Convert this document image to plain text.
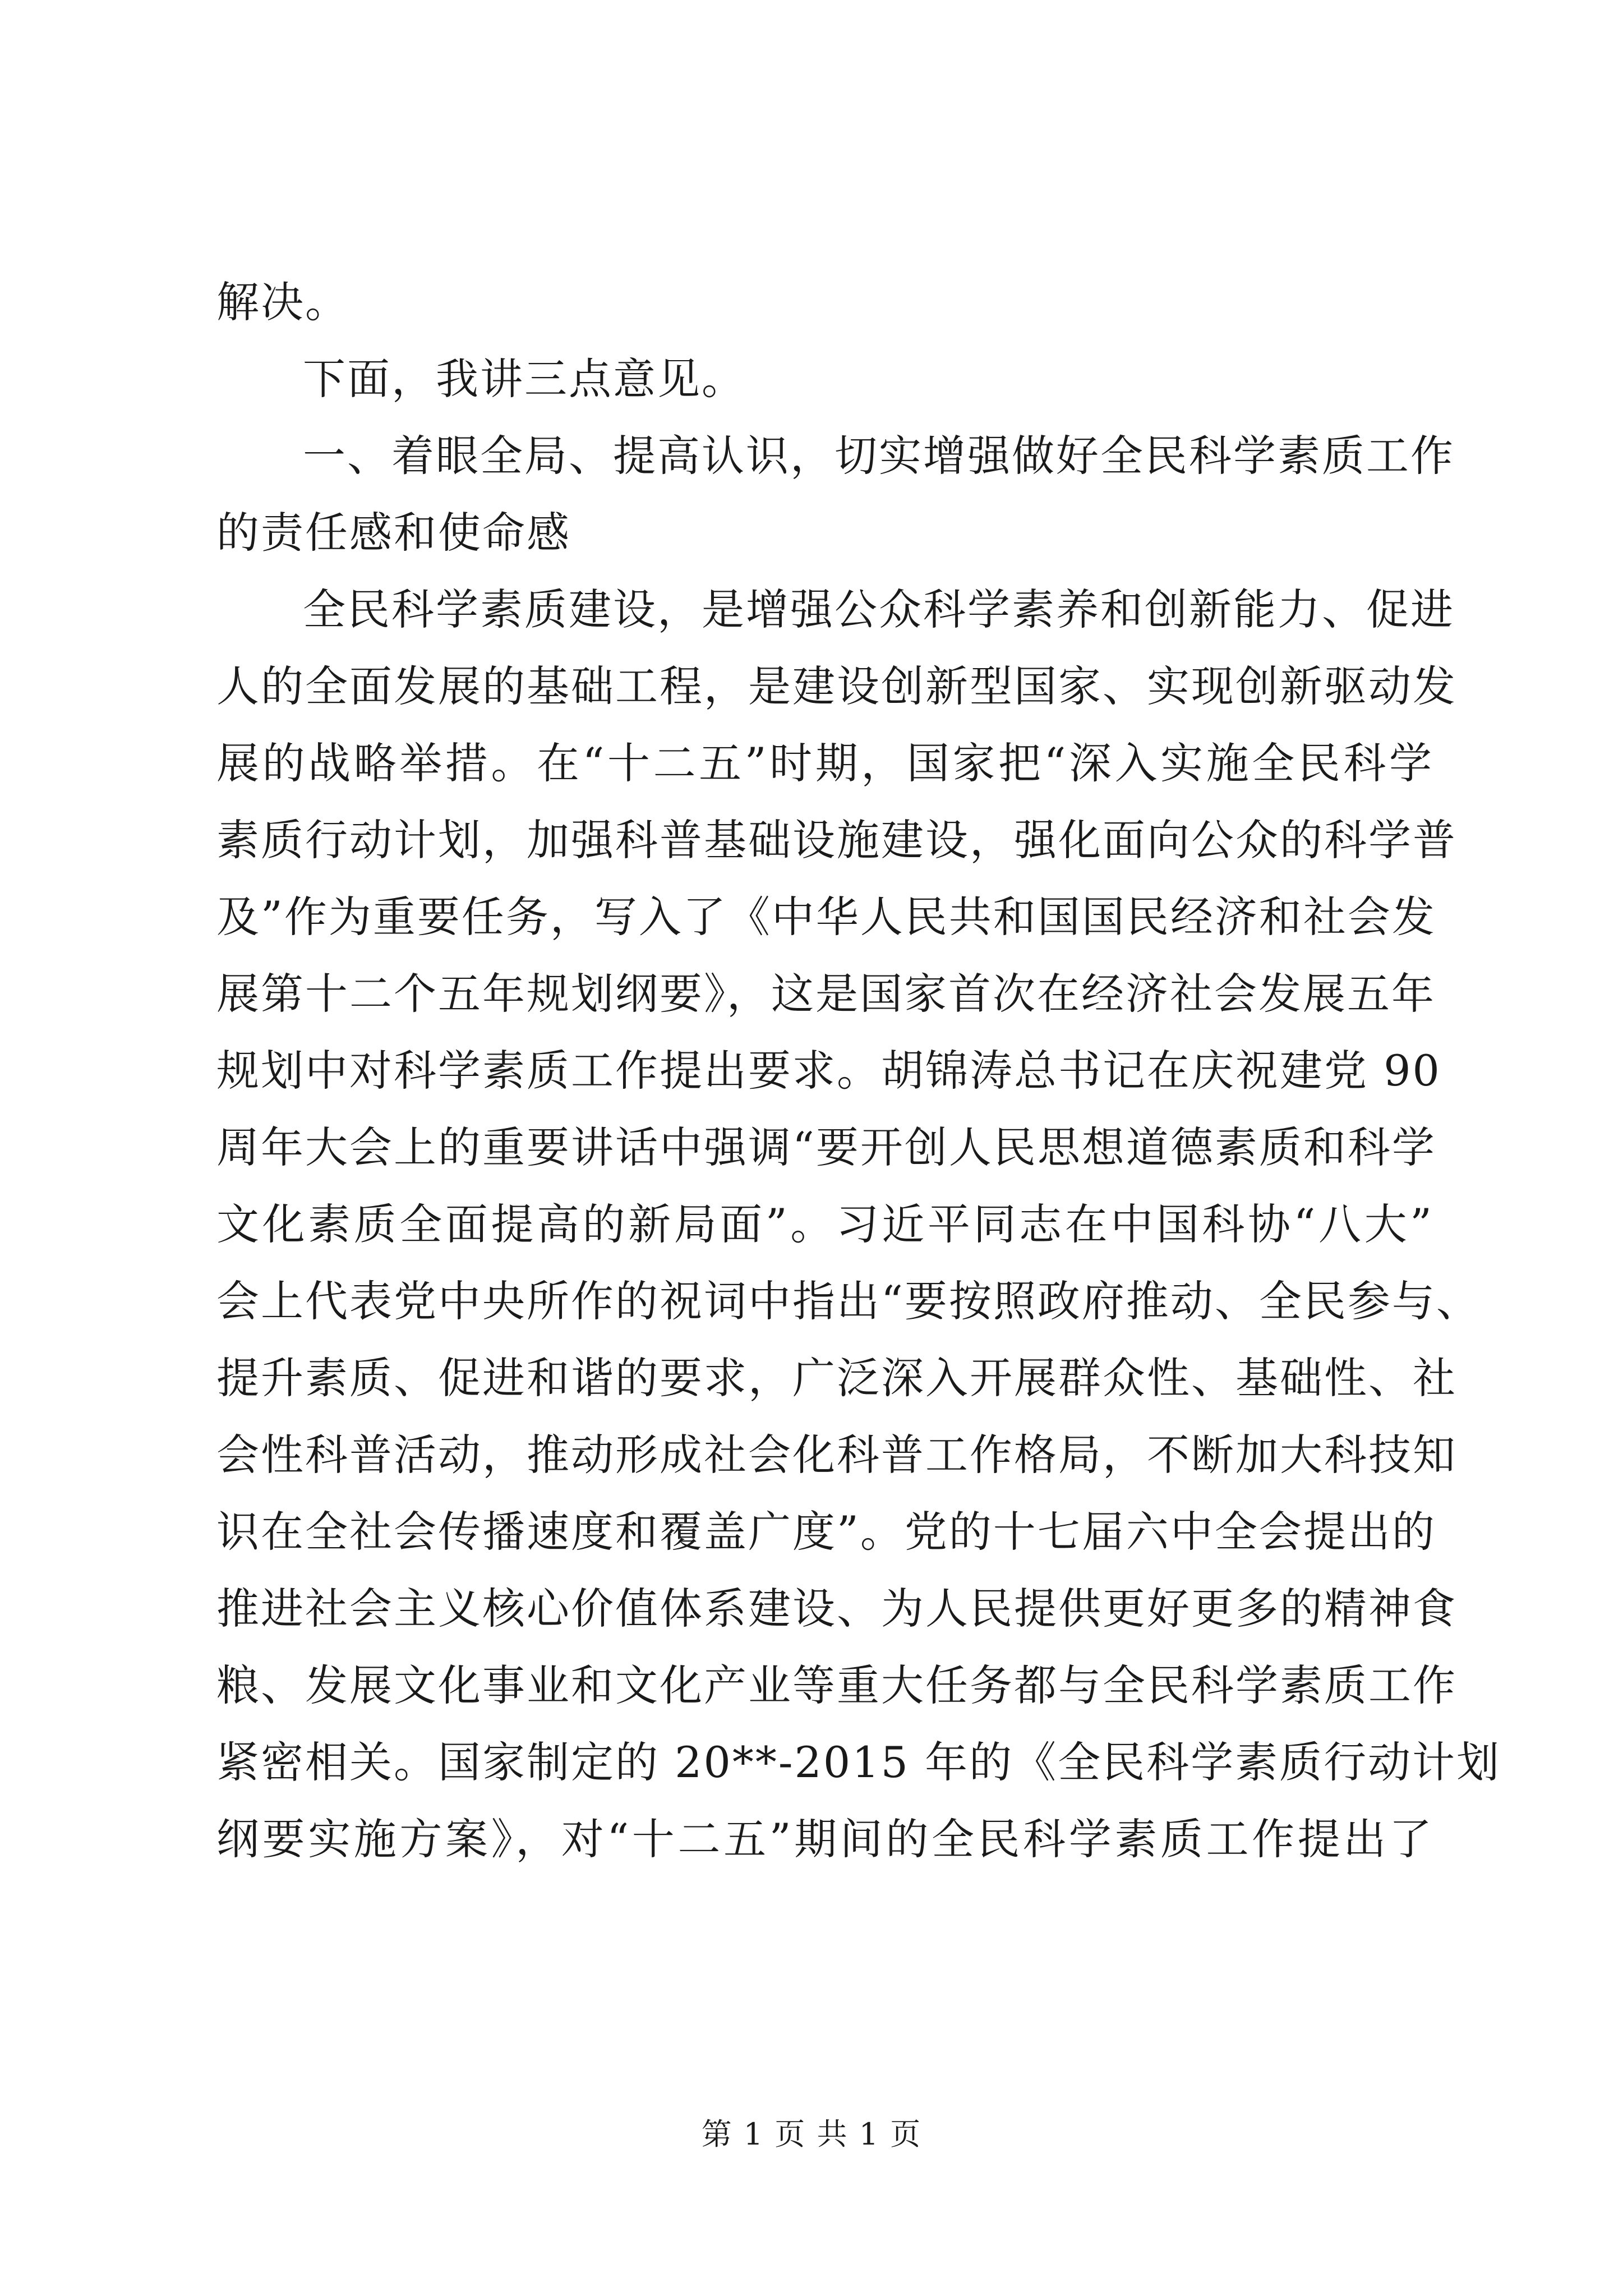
解决。
下面，我讲三点意见。
一、着眼全局、提高认识，切实增强做好全民科学素质工作
的责任感和使命感
全民科学素质建设，是增强公众科学素养和创新能力、促进
人的全面发展的基础工程，是建设创新型国家、实现创新驱动发
展的战略举措。在“十二五”时期，国家把“深入实施全民科学
素质行动计划，加强科普基础设施建设，强化面向公众的科学普
及”作为重要任务，写入了《中华人民共和国国民经济和社会发
展第十二个五年规划纲要》，这是国家首次在经济社会发展五年
规划中对科学素质工作提出要求。胡锦涛总书记在庆祝建党 90
周年大会上的重要讲话中强调“要开创人民思想道德素质和科学
文化素质全面提高的新局面”。习近平同志在中国科协“八大”
会上代表党中央所作的祝词中指出“要按照政府推动、全民参与、
提升素质、促进和谐的要求，广泛深入开展群众性、基础性、社
会性科普活动，推动形成社会化科普工作格局，不断加大科技知
识在全社会传播速度和覆盖广度”。党的十七届六中全会提出的
推进社会主义核心价值体系建设、为人民提供更好更多的精神食
粮、发展文化事业和文化产业等重大任务都与全民科学素质工作
紧密相关。国家制定的 20**-2015 年的《全民科学素质行动计划
纲要实施方案》，对“十二五”期间的全民科学素质工作提出了
第 1 页 共 1 页
